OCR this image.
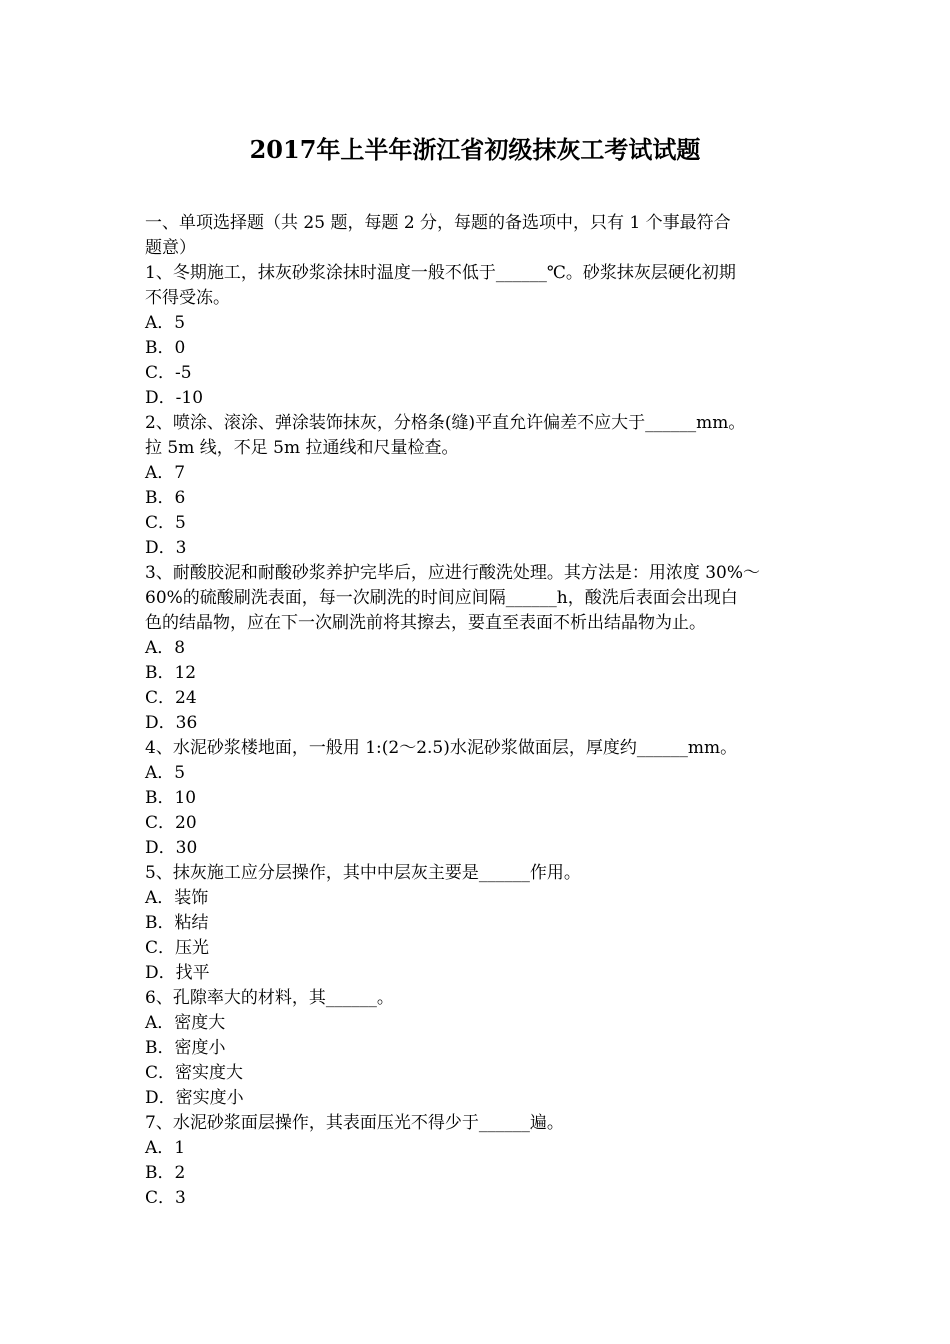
2017年上半年浙江省初级抹灰工考试试题
一、单项选择题（共 25 题，每题 2 分，每题的备选项中，只有 1 个事最符合
题意）
1、冬期施工，抹灰砂浆涂抹时温度一般不低于______℃。砂浆抹灰层硬化初期
不得受冻。
A．5
B．0
C．-5
D．-10
2、喷涂、滚涂、弹涂装饰抹灰，分格条(缝)平直允许偏差不应大于______mm。
拉 5m 线，不足 5m 拉通线和尺量检查。
A．7
B．6
C．5
D．3
3、耐酸胶泥和耐酸砂浆养护完毕后，应进行酸洗处理。其方法是：用浓度 30%～
60%的硫酸刷洗表面，每一次刷洗的时间应间隔______h，酸洗后表面会出现白
色的结晶物，应在下一次刷洗前将其擦去，要直至表面不析出结晶物为止。
A．8
B．12
C．24
D．36
4、水泥砂浆楼地面，一般用 1:(2～2.5)水泥砂浆做面层，厚度约______mm。
A．5
B．10
C．20
D．30
5、抹灰施工应分层操作，其中中层灰主要是______作用。
A．装饰
B．粘结
C．压光
D．找平
6、孔隙率大的材料，其______。
A．密度大
B．密度小
C．密实度大
D．密实度小
7、水泥砂浆面层操作，其表面压光不得少于______遍。
A．1
B．2
C．3
